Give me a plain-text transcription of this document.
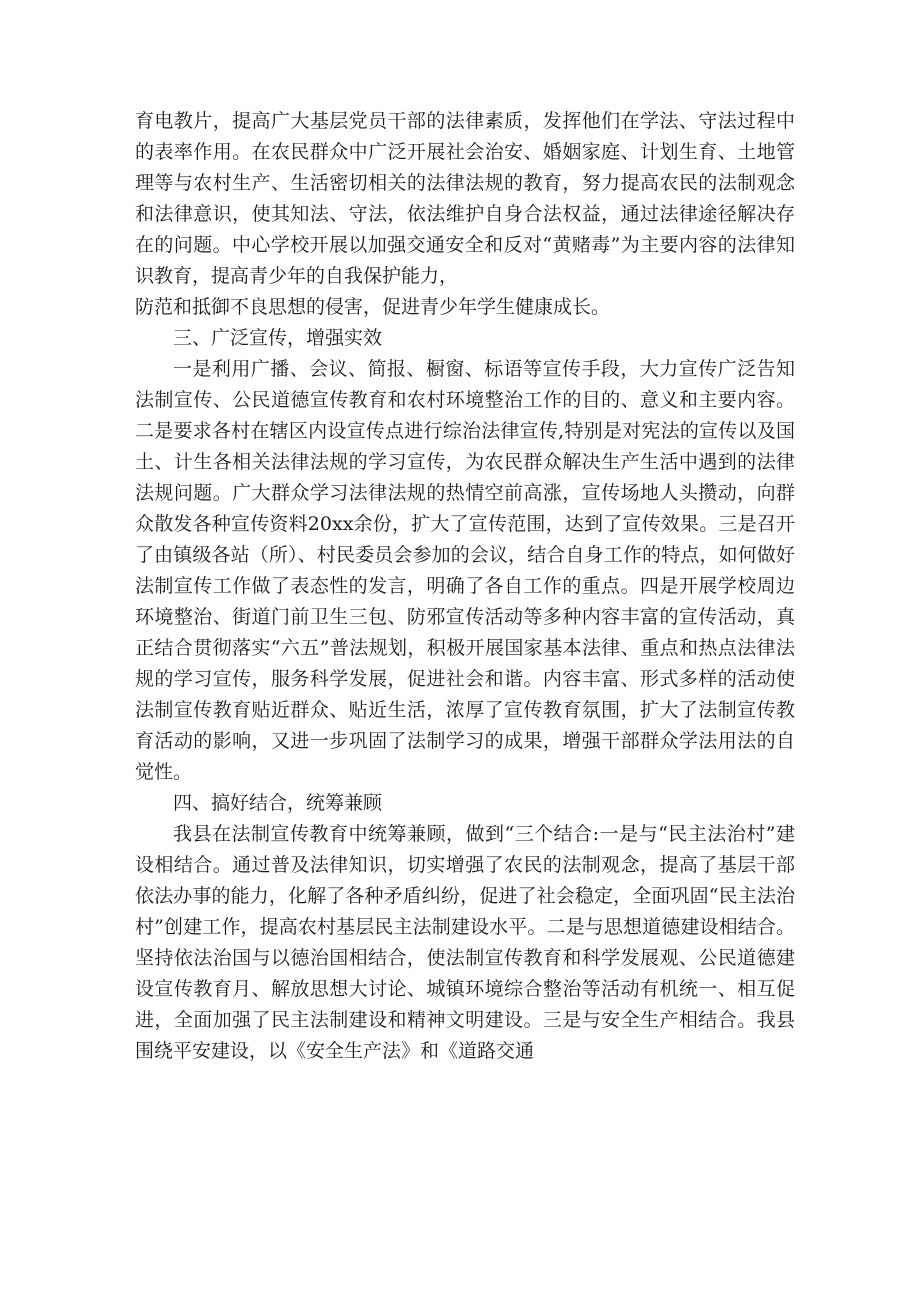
育电教片，提高广大基层党员干部的法律素质，发挥他们在学法、守法过程中的表率作用。在农民群众中广泛开展社会治安、婚姻家庭、计划生育、土地管理等与农村生产、生活密切相关的法律法规的教育，努力提高农民的法制观念和法律意识，使其知法、守法，依法维护自身合法权益，通过法律途径解决存在的问题。中心学校开展以加强交通安全和反对“黄赌毒”为主要内容的法律知识教育，提高青少年的自我保护能力，

防范和抵御不良思想的侵害，促进青少年学生健康成长。

三、广泛宣传，增强实效

一是利用广播、会议、简报、橱窗、标语等宣传手段，大力宣传广泛告知法制宣传、公民道德宣传教育和农村环境整治工作的目的、意义和主要内容。二是要求各村在辖区内设宣传点进行综治法律宣传,特别是对宪法的宣传以及国土、计生各相关法律法规的学习宣传，为农民群众解决生产生活中遇到的法律法规问题。广大群众学习法律法规的热情空前高涨，宣传场地人头攒动，向群众散发各种宣传资料20xx余份，扩大了宣传范围，达到了宣传效果。三是召开了由镇级各站（所）、村民委员会参加的会议，结合自身工作的特点，如何做好法制宣传工作做了表态性的发言，明确了各自工作的重点。四是开展学校周边环境整治、街道门前卫生三包、防邪宣传活动等多种内容丰富的宣传活动，真正结合贯彻落实“六五”普法规划，积极开展国家基本法律、重点和热点法律法规的学习宣传，服务科学发展，促进社会和谐。内容丰富、形式多样的活动使法制宣传教育贴近群众、贴近生活，浓厚了宣传教育氛围，扩大了法制宣传教育活动的影响，又进一步巩固了法制学习的成果，增强干部群众学法用法的自觉性。

四、搞好结合，统筹兼顾

我县在法制宣传教育中统筹兼顾，做到“三个结合:一是与“民主法治村”建设相结合。通过普及法律知识，切实增强了农民的法制观念，提高了基层干部依法办事的能力，化解了各种矛盾纠纷，促进了社会稳定，全面巩固“民主法治村”创建工作，提高农村基层民主法制建设水平。二是与思想道德建设相结合。坚持依法治国与以德治国相结合，使法制宣传教育和科学发展观、公民道德建设宣传教育月、解放思想大讨论、城镇环境综合整治等活动有机统一、相互促进，全面加强了民主法制建设和精神文明建设。三是与安全生产相结合。我县围绕平安建设，以《安全生产法》和《道路交通
